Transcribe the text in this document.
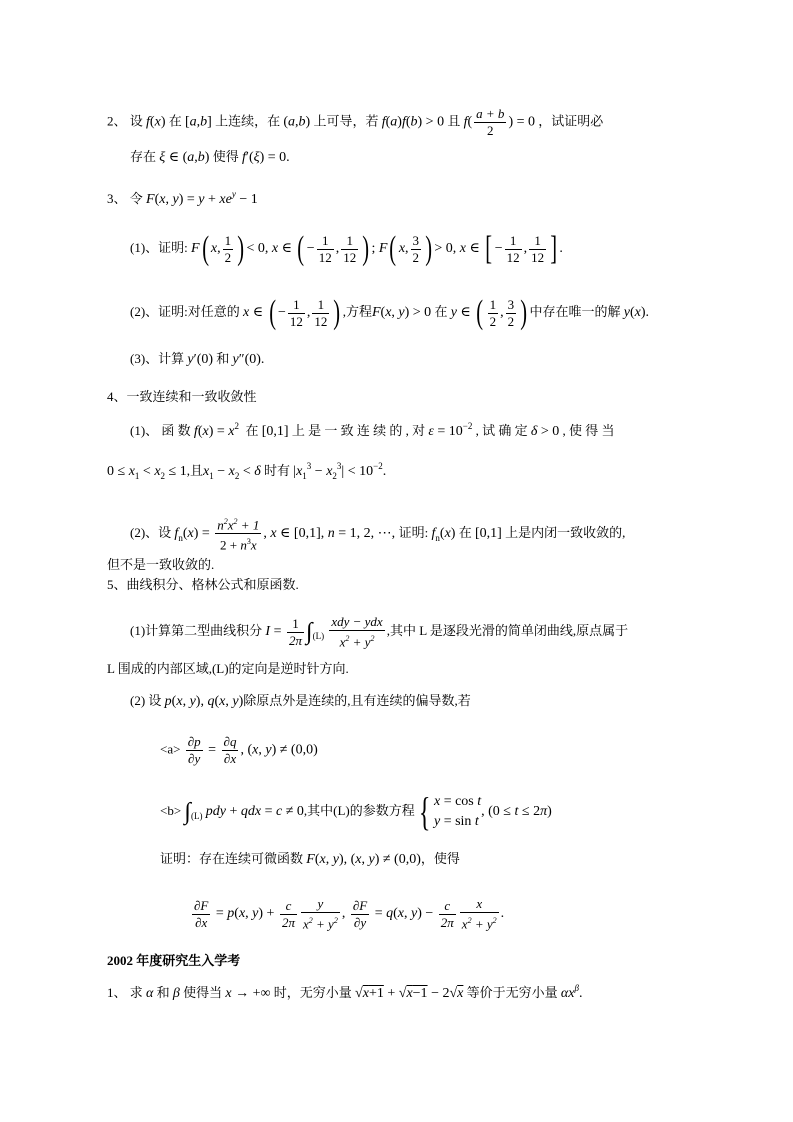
2、 设 f(x) 在 [a,b] 上连续，在 (a,b) 上可导，若 f(a)f(b) > 0 且 $f( \frac{a + b}{2}$ ) = 0 ，试证明必
存在 ξ ∈ (a,b) 使得 f′(ξ) = 0.
3、 令 F(x, $y) = y + xe^y - 1$
(1)、证明: F( x, $\frac{1}{2}$ ) < 0, x ∈ ( − $\frac{1}{12}$ , $\frac{1}{12}$ ) ; F( x, $\frac{3}{2}$ ) > 0, x ∈ [ − $\frac{1}{12}$ , $\frac{1}{12}$ ] .
(2)、证明:对任意的 x ∈ ( − $\frac{1}{12}$ , $\frac{1}{12}$ ) ,方程F(x, y) > 0 在 y ∈ ( $\frac{1}{2}$ , $\frac{3}{2}$ ) 中存在唯一的解 y(x).
(3)、计算 y′(0) 和 y″(0).
4、一致连续和一致收敛性
(1)、 函 数 $f(x) = x^2$  在 [0,1] 上 是 一 致 连 续 的 , 对 $\varepsilon = 10^{-2}$ , 试 确 定 δ > 0 , 使 得 当
$0 \le x_1 < x_2 \le 1$,且$x_1 - x_2 < \delta$ 时有 $|x_1^3 - x_2^3| < 10^{-2}$.
(2)、设 $f_n(x) = \frac{n^2x^2 + 1}{2 + n^3x}$ , x ∈ [0,1], n = 1, 2, ⋯, 证明: $f_n(x)$ 在 [0,1] 上是内闭一致收敛的,
但不是一致收敛的.
5、曲线积分、格林公式和原函数.
(1)计算第二型曲线积分 $I = \frac{1}{2\pi} \int_{(L)} \frac{\text{xdy − ydx}}{x^2 + y^2}$ ,其中 L 是逐段光滑的简单闭曲线,原点属于
L 围成的内部区域,(L)的定向是逆时针方向.
(2) 设 p(x, y), q(x, y)除原点外是连续的,且有连续的偏导数,若
$<a> \frac{\partial p}{\partial y} = \frac{\partial q}{\partial x}$ , (x, y) ≠ (0,0)
$<b> \int_{(L)}$ pdy + qdx = c ≠ 0,其中(L)的参数方程{ x = cos t
y = sin t
, (0 ≤ t ≤ 2π)
证明：存在连续可微函数 F(x, y), (x, y) ≠ (0,0)，使得
$\frac{\partial F}{\partial x} = p(x$, $y) + \frac{c}{2\pi} \frac{y}{x^2 + y^2}$ , $\frac{\partial F}{\partial y} = q(x$, $y) - \frac{c}{2\pi} \frac{x}{x^2 + y^2}$ .
2002 年度研究生入学考
1、 求 α 和 β 使得当 x → +∞ 时，无穷小量 √x+1 + √x−1 − 2√x 等价于无穷小量 $\alpha x^\beta$.
